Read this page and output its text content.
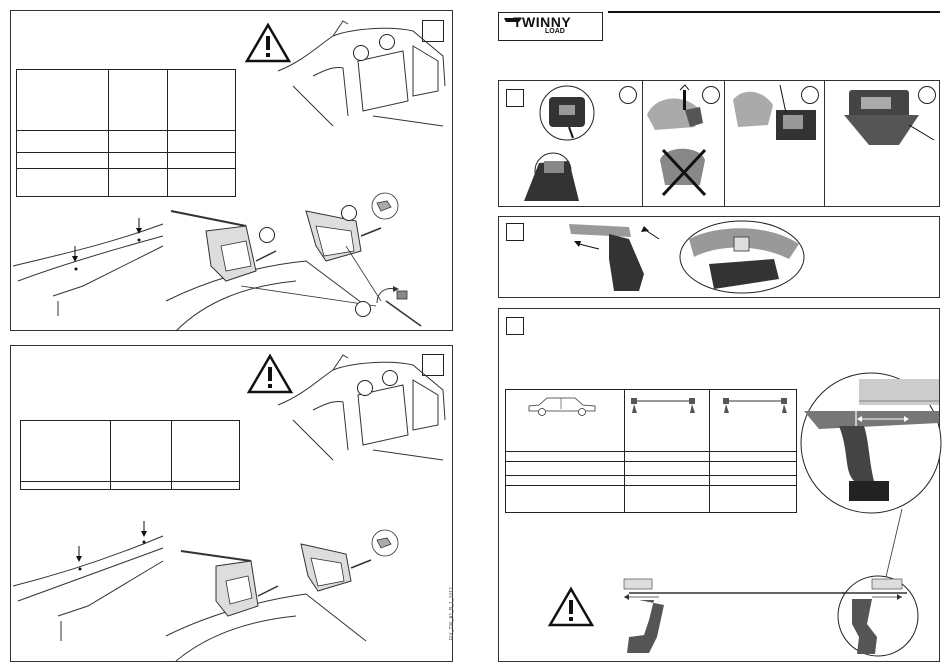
FIX_TW_A1_B_1_1012
TWINNY
LOAD
